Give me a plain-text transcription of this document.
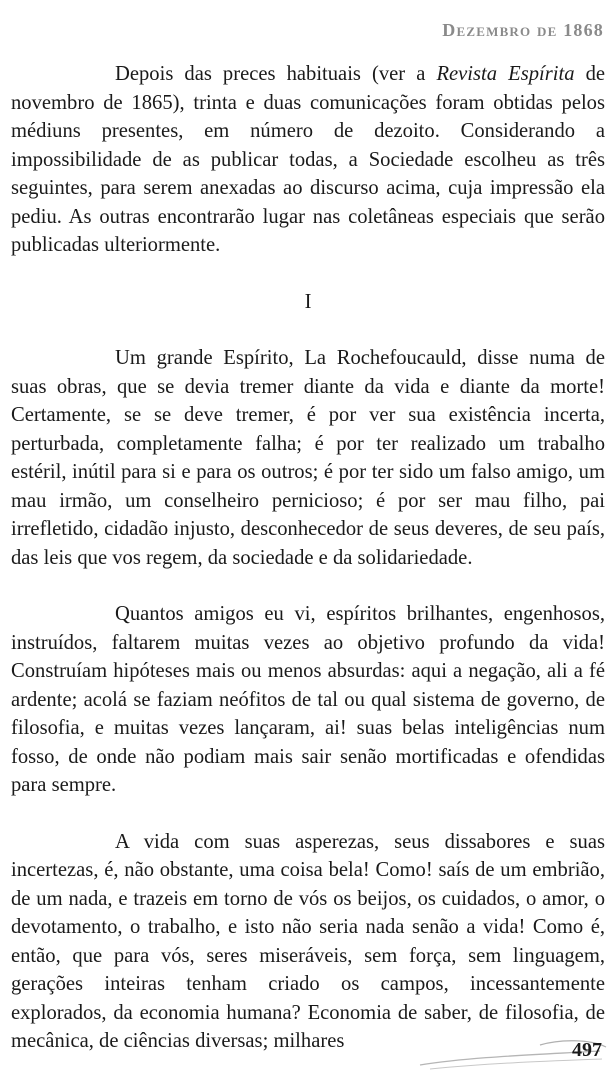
Dezembro de 1868

Depois das preces habituais (ver a Revista Espírita de novembro de 1865), trinta e duas comunicações foram obtidas pelos médiuns presentes, em número de dezoito. Considerando a impossibilidade de as publicar todas, a Sociedade escolheu as três seguintes, para serem anexadas ao discurso acima, cuja impressão ela pediu. As outras encontrarão lugar nas coletâneas especiais que serão publicadas ulteriormente.

I

Um grande Espírito, La Rochefoucauld, disse numa de suas obras, que se devia tremer diante da vida e diante da morte! Certamente, se se deve tremer, é por ver sua existência incerta, perturbada, completamente falha; é por ter realizado um trabalho estéril, inútil para si e para os outros; é por ter sido um falso amigo, um mau irmão, um conselheiro pernicioso; é por ser mau filho, pai irrefletido, cidadão injusto, desconhecedor de seus deveres, de seu país, das leis que vos regem, da sociedade e da solidariedade.

Quantos amigos eu vi, espíritos brilhantes, engenhosos, instruídos, faltarem muitas vezes ao objetivo profundo da vida! Construíam hipóteses mais ou menos absurdas: aqui a negação, ali a fé ardente; acolá se faziam neófitos de tal ou qual sistema de governo, de filosofia, e muitas vezes lançaram, ai! suas belas inteligências num fosso, de onde não podiam mais sair senão mortificadas e ofendidas para sempre.

A vida com suas asperezas, seus dissabores e suas incertezas, é, não obstante, uma coisa bela! Como! saís de um embrião, de um nada, e trazeis em torno de vós os beijos, os cuidados, o amor, o devotamento, o trabalho, e isto não seria nada senão a vida! Como é, então, que para vós, seres miseráveis, sem força, sem linguagem, gerações inteiras tenham criado os campos, incessantemente explorados, da economia humana? Economia de saber, de filosofia, de mecânica, de ciências diversas; milhares	497
